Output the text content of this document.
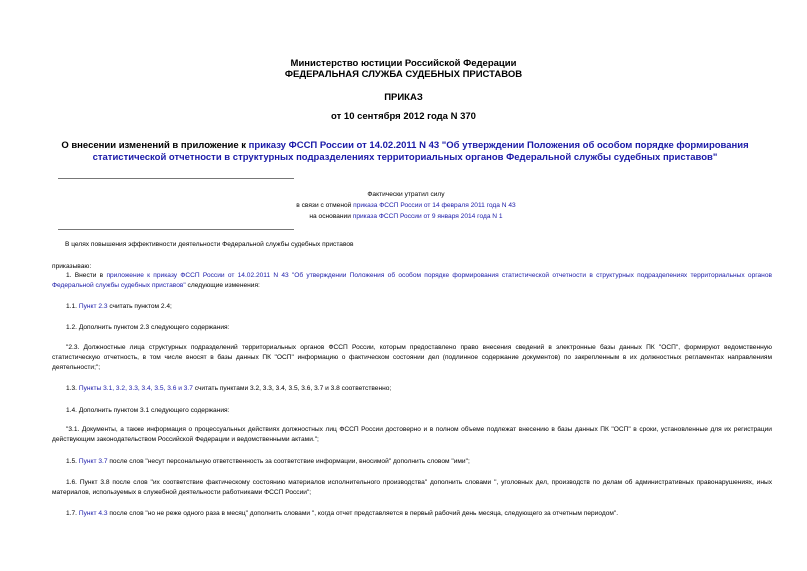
Министерство юстиции Российской Федерации
ФЕДЕРАЛЬНАЯ СЛУЖБА СУДЕБНЫХ ПРИСТАВОВ
ПРИКАЗ
от 10 сентября 2012 года N 370
О внесении изменений в приложение к приказу ФССП России от 14.02.2011 N 43 "Об утверждении Положения об особом порядке формирования статистической отчетности в структурных подразделениях территориальных органов Федеральной службы судебных приставов"
Фактически утратил силу
в связи с отменой приказа ФССП России от 14 февраля 2011 года N 43
на основании приказа ФССП России от 9 января 2014 года N 1
В целях повышения эффективности деятельности Федеральной службы судебных приставов
приказываю:
1. Внести в приложение к приказу ФССП России от 14.02.2011 N 43 "Об утверждении Положения об особом порядке формирования статистической отчетности в структурных подразделениях территориальных органов Федеральной службы судебных приставов" следующие изменения:
1.1. Пункт 2.3 считать пунктом 2.4;
1.2. Дополнить пунктом 2.3 следующего содержания:
"2.3. Должностные лица структурных подразделений территориальных органов ФССП России, которым предоставлено право внесения сведений в электронные базы данных ПК "ОСП", формируют ведомственную статистическую отчетность, в том числе вносят в базы данных ПК "ОСП" информацию о фактическом состоянии дел (подлинное содержание документов) по закрепленным в их должностных регламентах направлениям деятельности;";
1.3. Пункты 3.1, 3.2, 3.3, 3.4, 3.5, 3.6 и 3.7 считать пунктами 3.2, 3.3, 3.4, 3.5, 3.6, 3.7 и 3.8 соответственно;
1.4. Дополнить пунктом 3.1 следующего содержания:
"3.1. Документы, а также информация о процессуальных действиях должностных лиц ФССП России достоверно и в полном объеме подлежат внесению в базы данных ПК "ОСП" в сроки, установленные для их регистрации действующим законодательством Российской Федерации и ведомственными актами.";
1.5. Пункт 3.7 после слов "несут персональную ответственность за соответствие информации, вносимой" дополнить словом "ими";
1.6. Пункт 3.8 после слов "их соответствие фактическому состоянию материалов исполнительного производства" дополнить словами ", уголовных дел, производств по делам об административных правонарушениях, иных материалов, используемых в служебной деятельности работниками ФССП России";
1.7. Пункт 4.3 после слов "но не реже одного раза в месяц" дополнить словами ", когда отчет представляется в первый рабочий день месяца, следующего за отчетным периодом".
